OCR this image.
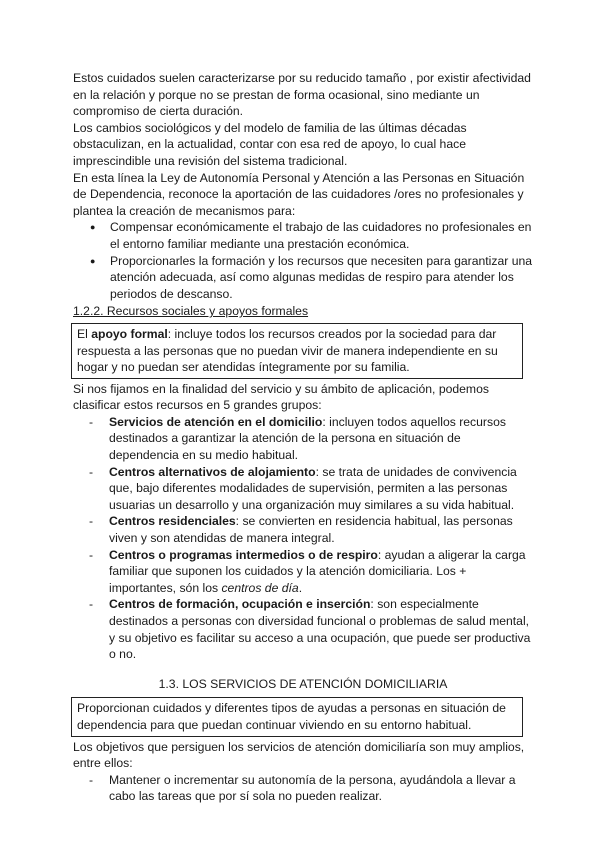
Estos cuidados suelen caracterizarse por su reducido tamaño , por existir afectividad en la relación y porque no se prestan de forma ocasional, sino mediante un compromiso de cierta duración.

Los cambios sociológicos y del modelo de familia de las últimas décadas obstaculizan, en la actualidad, contar con esa red de apoyo, lo cual hace imprescindible una revisión del sistema tradicional.

En esta línea la Ley de Autonomía Personal y Atención a las Personas en Situación de Dependencia, reconoce la aportación de las cuidadores /ores no profesionales y plantea la creación de mecanismos para:

● Compensar económicamente el trabajo de las cuidadores no profesionales en el entorno familiar mediante una prestación económica.
● Proporcionarles la formación y los recursos que necesiten para garantizar una atención adecuada, así como algunas medidas de respiro para atender los periodos de descanso.

1.2.2. Recursos sociales y apoyos formales

El apoyo formal: incluye todos los recursos creados por la sociedad para dar respuesta a las personas que no puedan vivir de manera independiente en su hogar y no puedan ser atendidas íntegramente por su familia.

Si nos fijamos en la finalidad del servicio y su ámbito de aplicación, podemos clasificar estos recursos en 5 grandes grupos:

- Servicios de atención en el domicilio: incluyen todos aquellos recursos destinados a garantizar la atención de la persona en situación de dependencia en su medio habitual.
- Centros alternativos de alojamiento: se trata de unidades de convivencia que, bajo diferentes modalidades de supervisión, permiten a las personas usuarias un desarrollo y una organización muy similares a su vida habitual.
- Centros residenciales: se convierten en residencia habitual, las personas viven y son atendidas de manera integral.
- Centros o programas intermedios o de respiro: ayudan a aligerar la carga familiar que suponen los cuidados y la atención domiciliaria. Los + importantes, són los centros de día.
- Centros de formación, ocupación e inserción: son especialmente destinados a personas con diversidad funcional o problemas de salud mental, y su objetivo es facilitar su acceso a una ocupación, que puede ser productiva o no.

1.3. LOS SERVICIOS DE ATENCIÓN DOMICILIARIA

Proporcionan cuidados y diferentes tipos de ayudas a personas en situación de dependencia para que puedan continuar viviendo en su entorno habitual.

Los objetivos que persiguen los servicios de atención domiciliaría son muy amplios, entre ellos:

- Mantener o incrementar su autonomía de la persona, ayudándola a llevar a cabo las tareas que por sí sola no pueden realizar.
